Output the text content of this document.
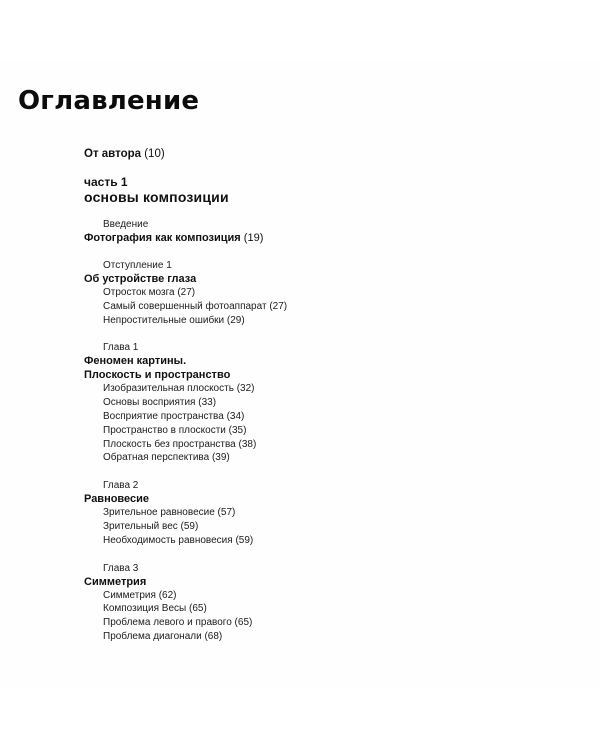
Оглавление
От автора (10)
часть 1
основы композиции
Введение
Фотография как композиция (19)
Отступление 1
Об устройстве глаза
Отросток мозга (27)
Самый совершенный фотоаппарат (27)
Непростительные ошибки (29)
Глава 1
Феномен картины.
Плоскость и пространство
Изобразительная плоскость (32)
Основы восприятия (33)
Восприятие пространства (34)
Пространство в плоскости (35)
Плоскость без пространства (38)
Обратная перспектива (39)
Глава 2
Равновесие
Зрительное равновесие (57)
Зрительный вес (59)
Необходимость равновесия (59)
Глава 3
Симметрия
Симметрия (62)
Композиция Весы (65)
Проблема левого и правого (65)
Проблема диагонали (68)
